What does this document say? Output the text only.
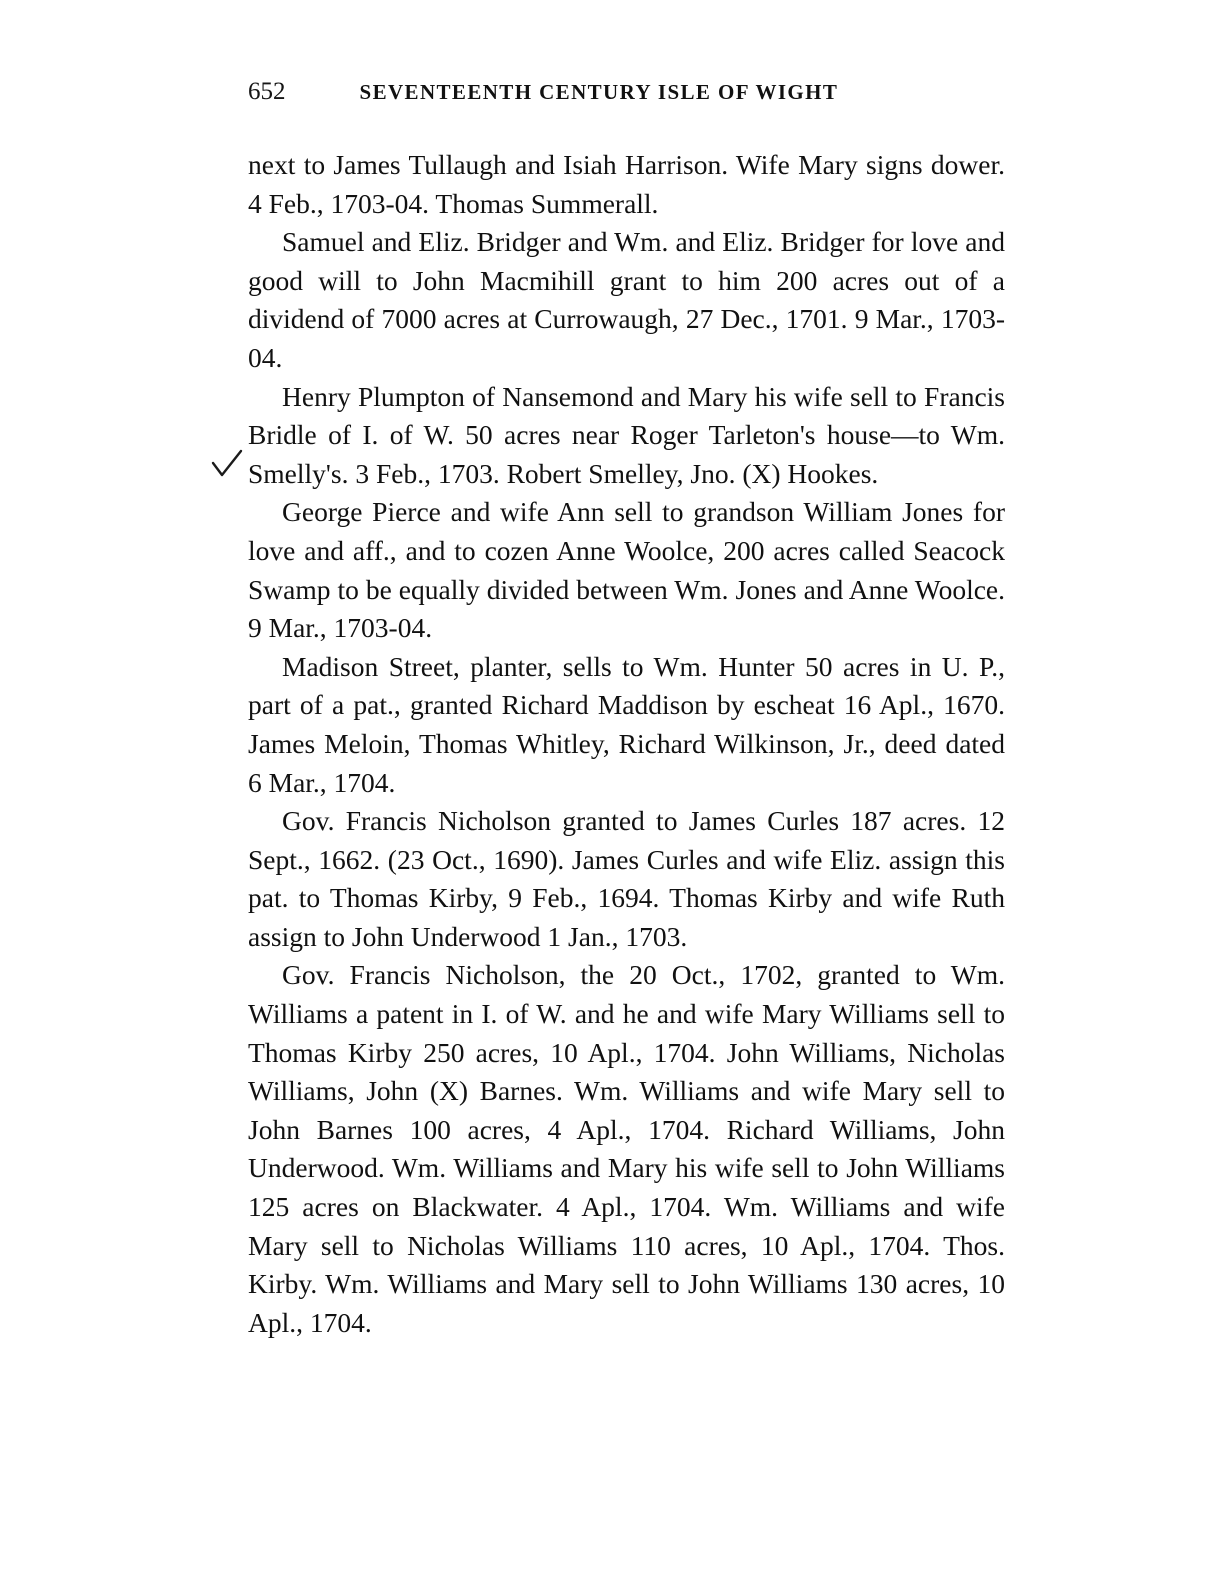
652	SEVENTEENTH CENTURY ISLE OF WIGHT

next to James Tullaugh and Isiah Harrison. Wife Mary signs dower. 4 Feb., 1703-04. Thomas Summerall.

Samuel and Eliz. Bridger and Wm. and Eliz. Bridger for love and good will to John Macmihill grant to him 200 acres out of a dividend of 7000 acres at Currowaugh, 27 Dec., 1701. 9 Mar., 1703-04.

Henry Plumpton of Nansemond and Mary his wife sell to Francis Bridle of I. of W. 50 acres near Roger Tarleton's house—to Wm. Smelly's. 3 Feb., 1703. Robert Smelley, Jno. (X) Hookes.

George Pierce and wife Ann sell to grandson William Jones for love and aff., and to cozen Anne Woolce, 200 acres called Seacock Swamp to be equally divided between Wm. Jones and Anne Woolce. 9 Mar., 1703-04.

Madison Street, planter, sells to Wm. Hunter 50 acres in U. P., part of a pat., granted Richard Maddison by escheat 16 Apl., 1670. James Meloin, Thomas Whitley, Richard Wilkinson, Jr., deed dated 6 Mar., 1704.

Gov. Francis Nicholson granted to James Curles 187 acres. 12 Sept., 1662. (23 Oct., 1690). James Curles and wife Eliz. assign this pat. to Thomas Kirby, 9 Feb., 1694. Thomas Kirby and wife Ruth assign to John Underwood 1 Jan., 1703.

Gov. Francis Nicholson, the 20 Oct., 1702, granted to Wm. Williams a patent in I. of W. and he and wife Mary Williams sell to Thomas Kirby 250 acres, 10 Apl., 1704. John Williams, Nicholas Williams, John (X) Barnes. Wm. Williams and wife Mary sell to John Barnes 100 acres, 4 Apl., 1704. Richard Williams, John Underwood. Wm. Williams and Mary his wife sell to John Williams 125 acres on Blackwater. 4 Apl., 1704. Wm. Williams and wife Mary sell to Nicholas Williams 110 acres, 10 Apl., 1704. Thos. Kirby. Wm. Williams and Mary sell to John Williams 130 acres, 10 Apl., 1704.
